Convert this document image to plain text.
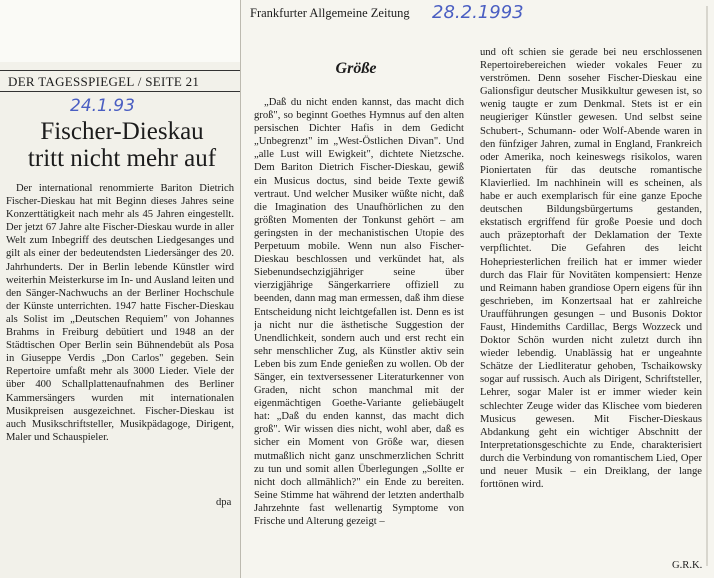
DER TAGESSPIEGEL / SEITE 21
24.1.93
Fischer-Dieskau
tritt nicht mehr auf

Der international renommierte Bariton Dietrich Fischer-Dieskau hat mit Beginn dieses Jahres seine Konzerttätigkeit nach mehr als 45 Jahren eingestellt. Der jetzt 67 Jahre alte Fischer-Dieskau wurde in aller Welt zum Inbegriff des deutschen Liedgesanges und gilt als einer der bedeutendsten Liedersänger des 20. Jahrhunderts. Der in Berlin lebende Künstler wird weiterhin Meisterkurse im In- und Ausland leiten und den Sänger-Nachwuchs an der Berliner Hochschule der Künste unterrichten. 1947 hatte Fischer-Dieskau als Solist im „Deutschen Requiem" von Johannes Brahms in Freiburg debütiert und 1948 an der Städtischen Oper Berlin sein Bühnendebüt als Posa in Giuseppe Verdis „Don Carlos" gegeben. Sein Repertoire umfaßt mehr als 3000 Lieder. Viele der über 400 Schallplattenaufnahmen des Berliner Kammersängers wurden mit internationalen Musikpreisen ausgezeichnet. Fischer-Dieskau ist auch Musikschriftsteller, Musikpädagoge, Dirigent, Maler und Schauspieler.

dpa
Frankfurter Allgemeine Zeitung 28.2.1993
Größe

„Daß du nicht enden kannst, das macht dich groß", so beginnt Goethes Hymnus auf den alten persischen Dichter Hafis in dem Gedicht „Unbegrenzt" im „West-Östlichen Divan". Und „alle Lust will Ewigkeit", dichtete Nietzsche. Dem Bariton Dietrich Fischer-Dieskau, gewiß ein Musicus doctus, sind beide Texte gewiß vertraut. Und welcher Musiker wüßte nicht, daß die Imagination des Unaufhörlichen zu den größten Momenten der Tonkunst gehört – am geringsten in der mechanistischen Utopie des Perpetuum mobile. Wenn nun also Fischer-Dieskau beschlossen und verkündet hat, als Siebenundsechzigjähriger seine über vierzigjährige Sängerkarriere offiziell zu beenden, dann mag man ermessen, daß ihm diese Entscheidung nicht leichtgefallen ist. Denn es ist ja nicht nur die ästhetische Suggestion der Unendlichkeit, sondern auch und erst recht ein sehr menschlicher Zug, als Künstler aktiv sein Leben bis zum Ende genießen zu wollen. Ob der Sänger, ein textversessener Literaturkenner von Graden, nicht schon manchmal mit der eigenmächtigen Goethe-Variante geliebäugelt hat: „Daß du enden kannst, das macht dich groß". Wir wissen dies nicht, wohl aber, daß es sicher ein Moment von Größe war, diesen mutmaßlich nicht ganz unschmerzlichen Schritt zu tun und somit allen Überlegungen „Sollte er nicht doch allmählich?" ein Ende zu bereiten. Seine Stimme hat während der letzten anderthalb Jahrzehnte fast wellenartig Symptome von Frische und Alterung gezeigt –

und oft schien sie gerade bei neu erschlossenen Repertoirebereichen wieder vokales Feuer zu verströmen. Denn soseher Fischer-Dieskau eine Galionsfigur deutscher Musikkultur gewesen ist, so wenig taugte er zum Denkmal. Stets ist er ein neugieriger Künstler gewesen. Und selbst seine Schubert-, Schumann- oder Wolf-Abende waren in den fünfziger Jahren, zumal in England, Frankreich oder Amerika, noch keineswegs risikolos, waren Pioniertaten für das deutsche romantische Klavierlied. Im nachhinein will es scheinen, als habe er auch exemplarisch für eine ganze Epoche deutschen Bildungsbürgertums gestanden, ekstatisch ergriffend für große Poesie und doch auch präzeptorhaft der Deklamation der Texte verpflichtet. Die Gefahren des leicht Hohepriesterlichen freilich hat er immer wieder durch das Flair für Novitäten kompensiert: Henze und Reimann haben grandiose Opern eigens für ihn geschrieben, im Konzertsaal hat er zahlreiche Uraufführungen gesungen – und Busonis Doktor Faust, Hindemiths Cardillac, Bergs Wozzeck und Doktor Schön wurden nicht zuletzt durch ihn wieder lebendig. Unablässig hat er ungeahnte Schätze der Liedliteratur gehoben, Tschaikowsky sogar auf russisch. Auch als Dirigent, Schriftsteller, Lehrer, sogar Maler ist er immer wieder kein schlechter Zeuge wider das Klischee vom biederen Musicus gewesen. Mit Fischer-Dieskaus Abdankung geht ein wichtiger Abschnitt der Interpretationsgeschichte zu Ende, charakterisiert durch die Verbindung von romantischem Lied, Oper und neuer Musik – ein Dreiklang, der lange forttönen wird.

G.R.K.
